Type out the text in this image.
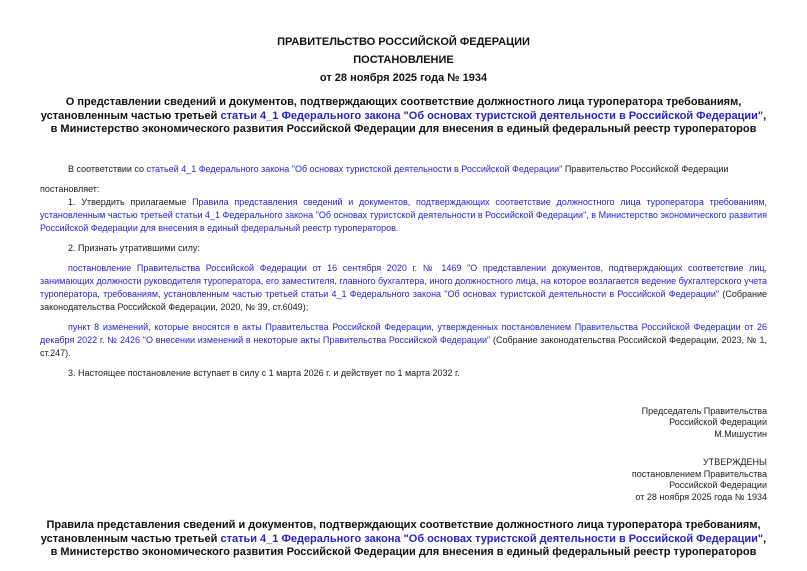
ПРАВИТЕЛЬСТВО РОССИЙСКОЙ ФЕДЕРАЦИИ
ПОСТАНОВЛЕНИЕ
от 28 ноября 2025 года № 1934
О представлении сведений и документов, подтверждающих соответствие должностного лица туроператора требованиям, установленным частью третьей статьи 4_1 Федерального закона "Об основах туристской деятельности в Российской Федерации", в Министерство экономического развития Российской Федерации для внесения в единый федеральный реестр туроператоров

В соответствии со статьей 4_1 Федерального закона "Об основах туристской деятельности в Российской Федерации" Правительство Российской Федерации

постановляет:

1. Утвердить прилагаемые Правила представления сведений и документов, подтверждающих соответствие должностного лица туроператора требованиям, установленным частью третьей статьи 4_1 Федерального закона "Об основах туристской деятельности в Российской Федерации", в Министерство экономического развития Российской Федерации для внесения в единый федеральный реестр туроператоров.

2. Признать утратившими силу:

постановление Правительства Российской Федерации от 16 сентября 2020 г. № 1469 "О представлении документов, подтверждающих соответствие лиц, занимающих должности руководителя туроператора, его заместителя, главного бухгалтера, иного должностного лица, на которое возлагается ведение бухгалтерского учета туроператора, требованиям, установленным частью третьей статьи 4_1 Федерального закона "Об основах туристской деятельности в Российской Федерации" (Собрание законодательства Российской Федерации, 2020, № 39, ст.6049);

пункт 8 изменений, которые вносятся в акты Правительства Российской Федерации, утвержденных постановлением Правительства Российской Федерации от 26 декабря 2022 г. № 2426 "О внесении изменений в некоторые акты Правительства Российской Федерации" (Собрание законодательства Российской Федерации, 2023, № 1, ст.247).

3. Настоящее постановление вступает в силу с 1 марта 2026 г. и действует по 1 марта 2032 г.

Председатель Правительства
Российской Федерации
М.Мишустин
УТВЕРЖДЕНЫ
постановлением Правительства
Российской Федерации
от 28 ноября 2025 года № 1934
Правила представления сведений и документов, подтверждающих соответствие должностного лица туроператора требованиям, установленным частью третьей статьи 4_1 Федерального закона "Об основах туристской деятельности в Российской Федерации", в Министерство экономического развития Российской Федерации для внесения в единый федеральный реестр туроператоров
